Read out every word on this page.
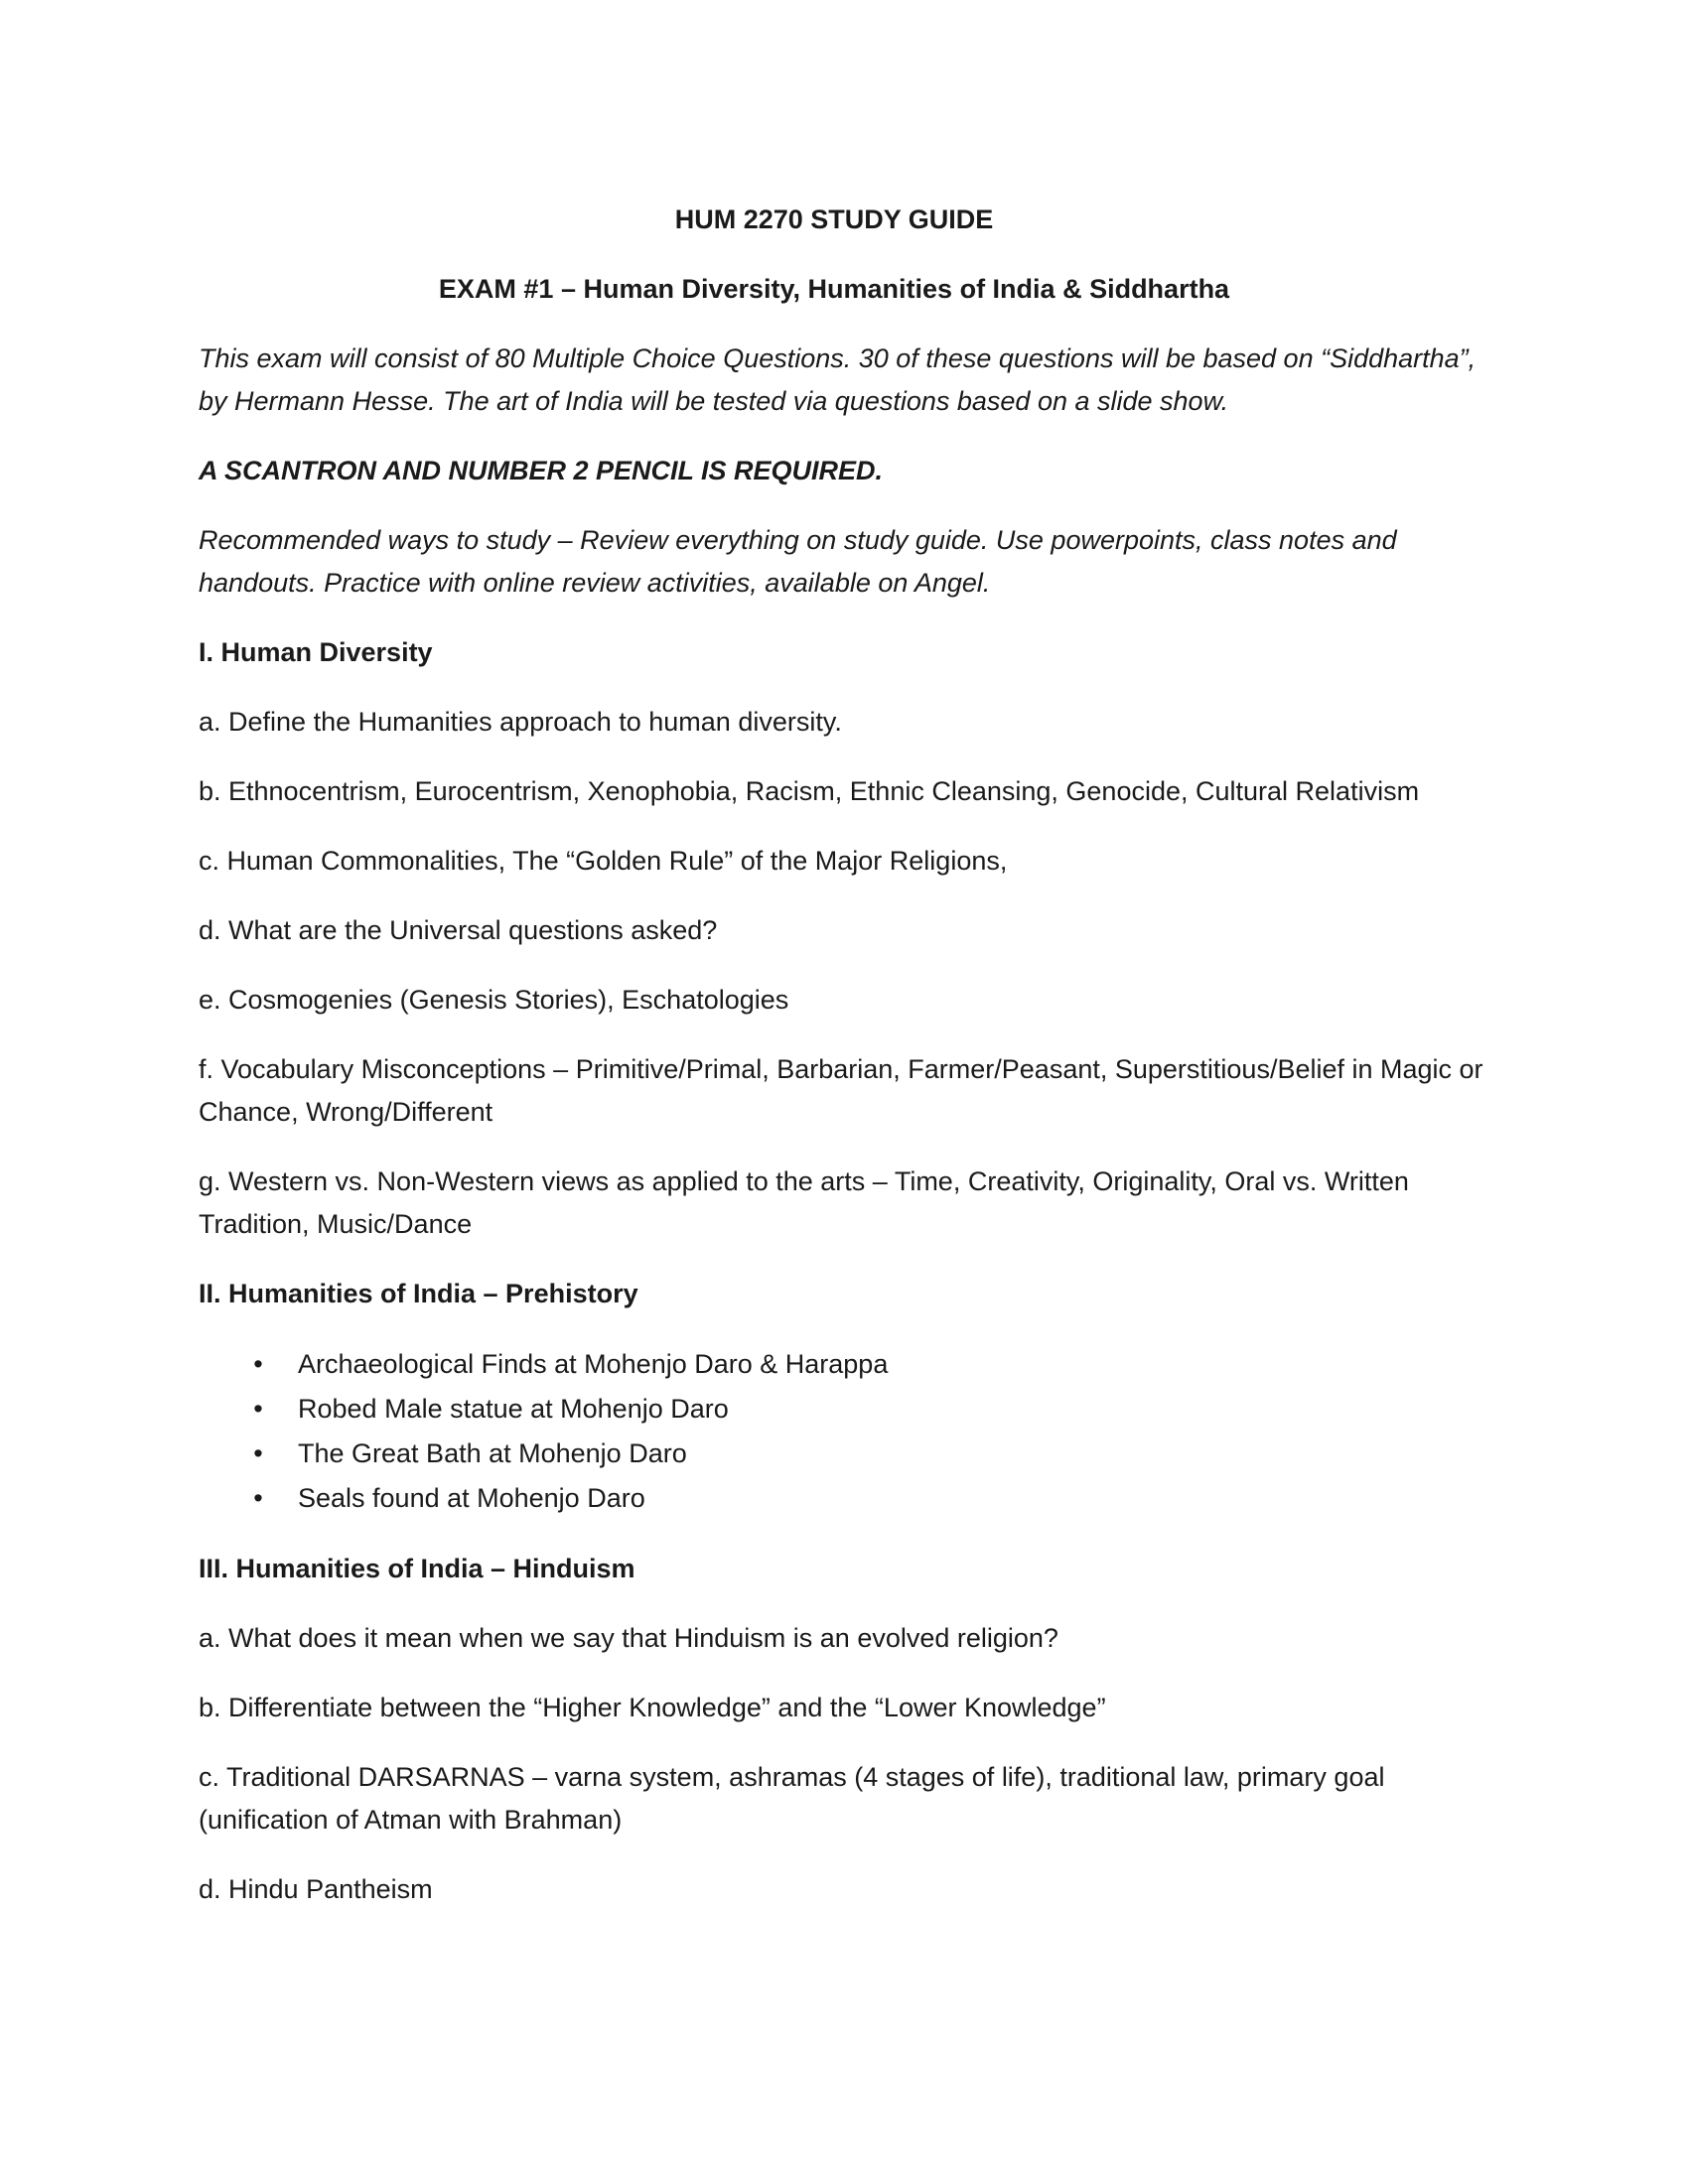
HUM 2270 STUDY GUIDE
EXAM #1 – Human Diversity, Humanities of India & Siddhartha

This exam will consist of 80 Multiple Choice Questions. 30 of these questions will be based on “Siddhartha”, by Hermann Hesse. The art of India will be tested via questions based on a slide show.

A SCANTRON AND NUMBER 2 PENCIL IS REQUIRED.

Recommended ways to study – Review everything on study guide. Use powerpoints, class notes and handouts. Practice with online review activities, available on Angel.

I. Human Diversity

a. Define the Humanities approach to human diversity.

b. Ethnocentrism, Eurocentrism, Xenophobia, Racism, Ethnic Cleansing, Genocide, Cultural Relativism

c. Human Commonalities, The “Golden Rule” of the Major Religions,

d. What are the Universal questions asked?

e. Cosmogenies (Genesis Stories), Eschatologies

f. Vocabulary Misconceptions – Primitive/Primal, Barbarian, Farmer/Peasant, Superstitious/Belief in Magic or Chance, Wrong/Different

g. Western vs. Non-Western views as applied to the arts – Time, Creativity, Originality, Oral vs. Written Tradition, Music/Dance

II. Humanities of India – Prehistory
• Archaeological Finds at Mohenjo Daro & Harappa
• Robed Male statue at Mohenjo Daro
• The Great Bath at Mohenjo Daro
• Seals found at Mohenjo Daro
III. Humanities of India – Hinduism

a. What does it mean when we say that Hinduism is an evolved religion?

b. Differentiate between the “Higher Knowledge” and the “Lower Knowledge”

c. Traditional DARSARNAS – varna system, ashramas (4 stages of life), traditional law, primary goal (unification of Atman with Brahman)

d. Hindu Pantheism
